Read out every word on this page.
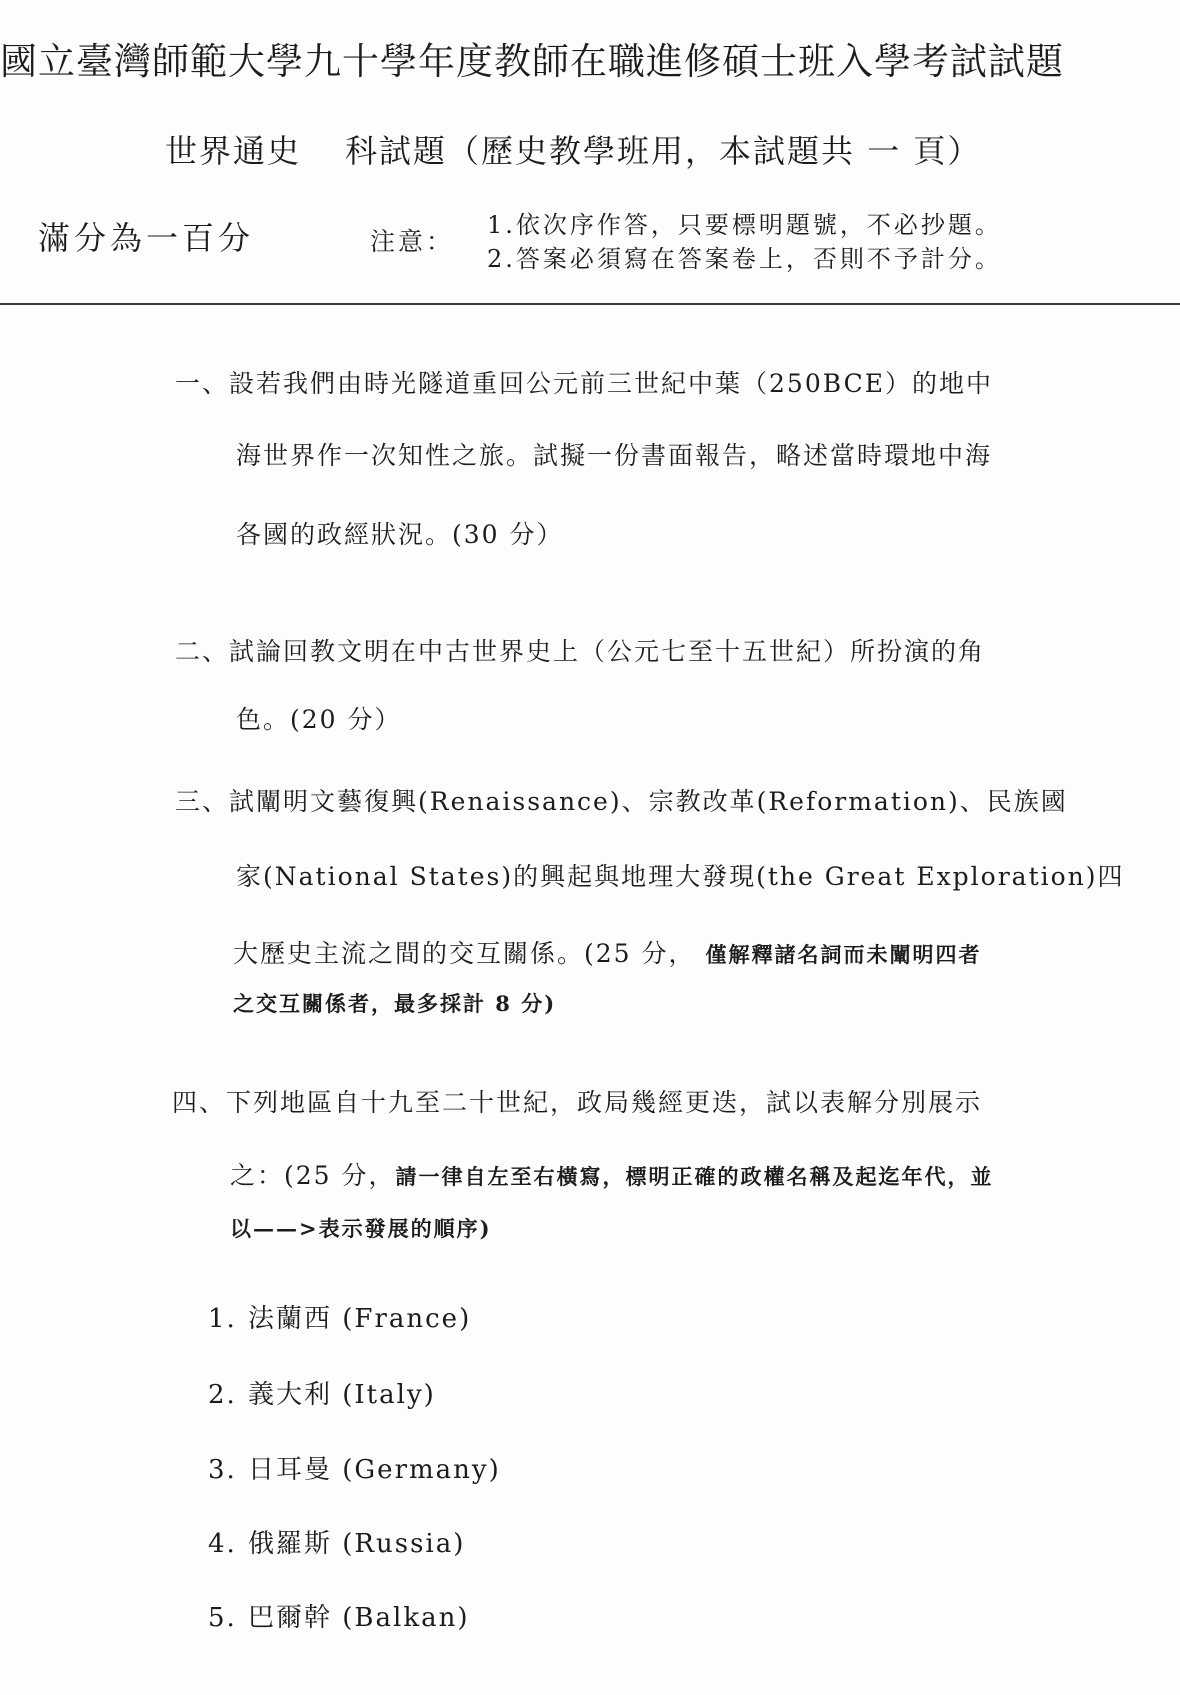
國立臺灣師範大學九十學年度教師在職進修碩士班入學考試試題
世界通史 科試題（歷史教學班用，本試題共 一 頁）
滿分為一百分	注意：
1.依次序作答，只要標明題號，不必抄題。
2.答案必須寫在答案卷上，否則不予計分。
一、設若我們由時光隧道重回公元前三世紀中葉（250BCE）的地中
海世界作一次知性之旅。試擬一份書面報告，略述當時環地中海
各國的政經狀況。(30 分）
二、試論回教文明在中古世界史上（公元七至十五世紀）所扮演的角
色。(20 分）
三、試闡明文藝復興(Renaissance)、宗教改革(Reformation)、民族國
家(National States)的興起與地理大發現(the Great Exploration)四
大歷史主流之間的交互關係。(25 分， 僅解釋諸名詞而未闡明四者
之交互關係者，最多採計 8 分)
四、下列地區自十九至二十世紀，政局幾經更迭，試以表解分別展示
之：(25 分，請一律自左至右橫寫，標明正確的政權名稱及起迄年代，並
以——>表示發展的順序)
1. 法蘭西 (France)
2. 義大利 (Italy)
3. 日耳曼 (Germany)
4. 俄羅斯 (Russia)
5. 巴爾幹 (Balkan)
